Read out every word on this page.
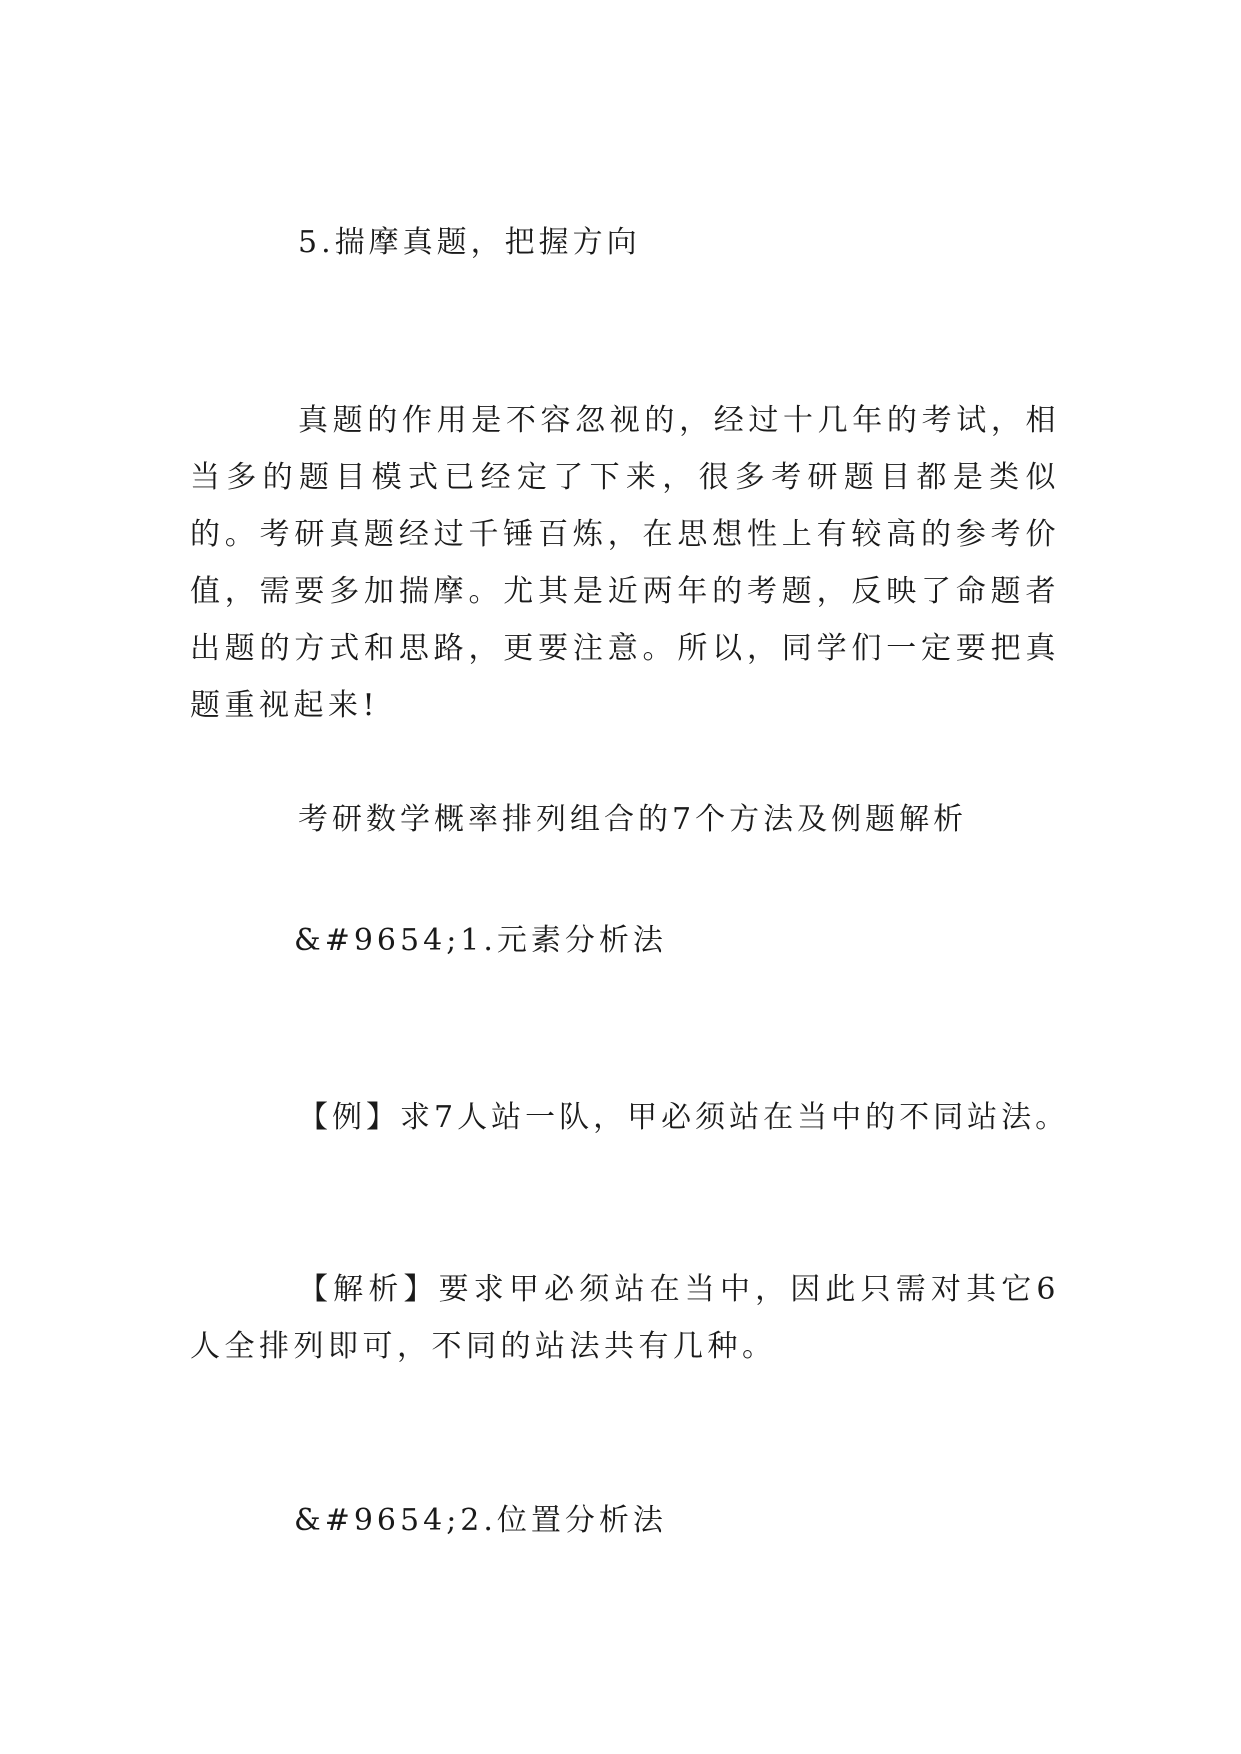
5.揣摩真题，把握方向

真题的作用是不容忽视的，经过十几年的考试，相当多的题目模式已经定了下来，很多考研题目都是类似的。考研真题经过千锤百炼，在思想性上有较高的参考价值，需要多加揣摩。尤其是近两年的考题，反映了命题者出题的方式和思路，更要注意。所以，同学们一定要把真题重视起来!

考研数学概率排列组合的7个方法及例题解析

&#9654;1.元素分析法

【例】求7人站一队，甲必须站在当中的不同站法。

【解析】要求甲必须站在当中，因此只需对其它6人全排列即可，不同的站法共有几种。

&#9654;2.位置分析法
